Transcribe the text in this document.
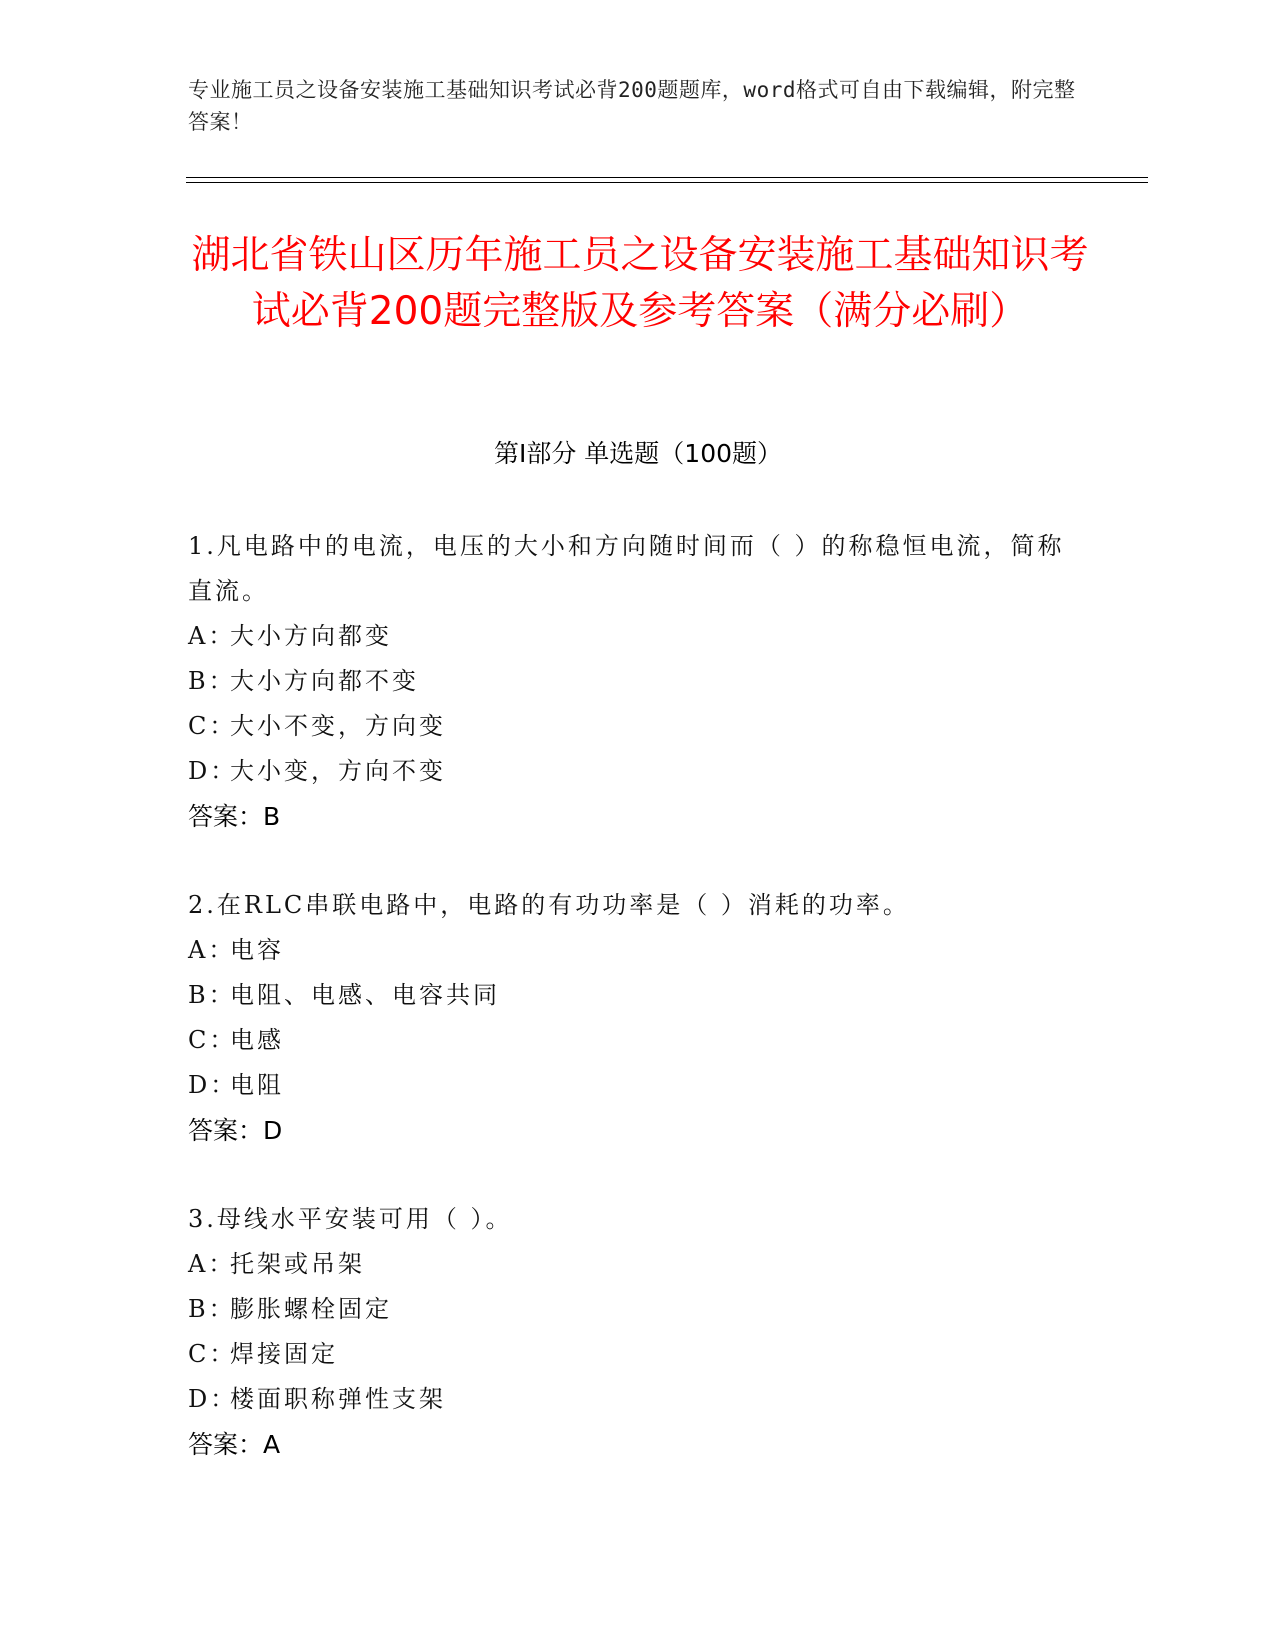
专业施工员之设备安装施工基础知识考试必背200题题库，word格式可自由下载编辑，附完整答案！
湖北省铁山区历年施工员之设备安装施工基础知识考试必背200题完整版及参考答案（满分必刷）
第I部分 单选题（100题）
1.凡电路中的电流，电压的大小和方向随时间而（ ）的称稳恒电流，简称直流。
A：大小方向都变
B：大小方向都不变
C：大小不变，方向变
D：大小变，方向不变
答案：B
2.在RLC串联电路中，电路的有功功率是（ ）消耗的功率。
A：电容
B：电阻、电感、电容共同
C：电感
D：电阻
答案：D
3.母线水平安装可用（ ）。
A：托架或吊架
B：膨胀螺栓固定
C：焊接固定
D：楼面职称弹性支架
答案：A
